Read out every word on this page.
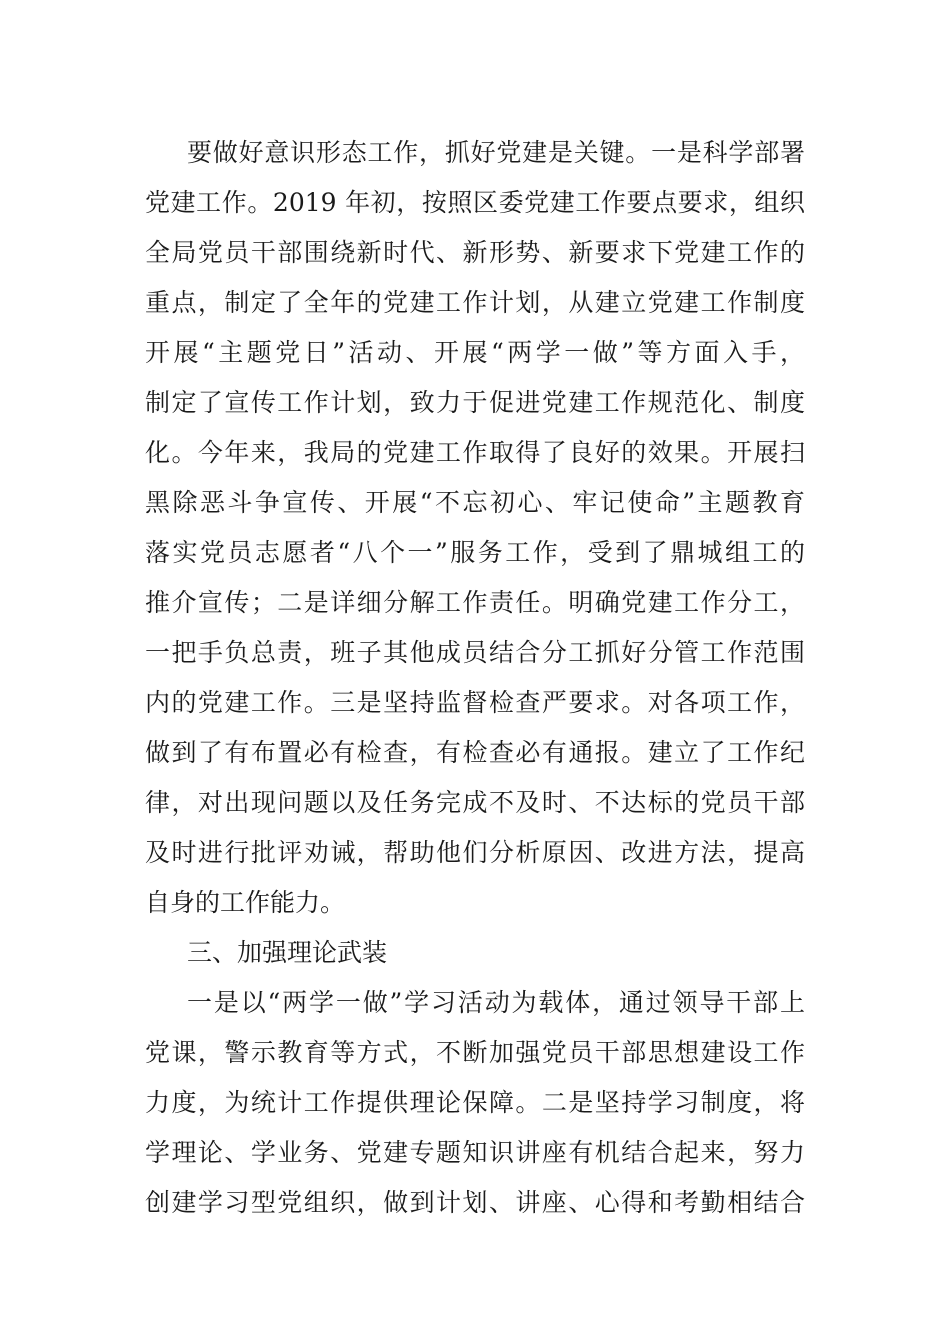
要做好意识形态工作，抓好党建是关键。一是科学部署
党建工作。2019 年初，按照区委党建工作要点要求，组织
全局党员干部围绕新时代、新形势、新要求下党建工作的
重点，制定了全年的党建工作计划，从建立党建工作制度
开展“主题党日”活动、开展“两学一做”等方面入手，
制定了宣传工作计划，致力于促进党建工作规范化、制度
化。今年来，我局的党建工作取得了良好的效果。开展扫
黑除恶斗争宣传、开展“不忘初心、牢记使命”主题教育
落实党员志愿者“八个一”服务工作，受到了鼎城组工的
推介宣传；二是详细分解工作责任。明确党建工作分工，
一把手负总责，班子其他成员结合分工抓好分管工作范围
内的党建工作。三是坚持监督检查严要求。对各项工作，
做到了有布置必有检查，有检查必有通报。建立了工作纪
律，对出现问题以及任务完成不及时、不达标的党员干部
及时进行批评劝诫，帮助他们分析原因、改进方法，提高
自身的工作能力。
三、加强理论武装
一是以“两学一做”学习活动为载体，通过领导干部上
党课，警示教育等方式，不断加强党员干部思想建设工作
力度，为统计工作提供理论保障。二是坚持学习制度，将
学理论、学业务、党建专题知识讲座有机结合起来，努力
创建学习型党组织，做到计划、讲座、心得和考勤相结合
